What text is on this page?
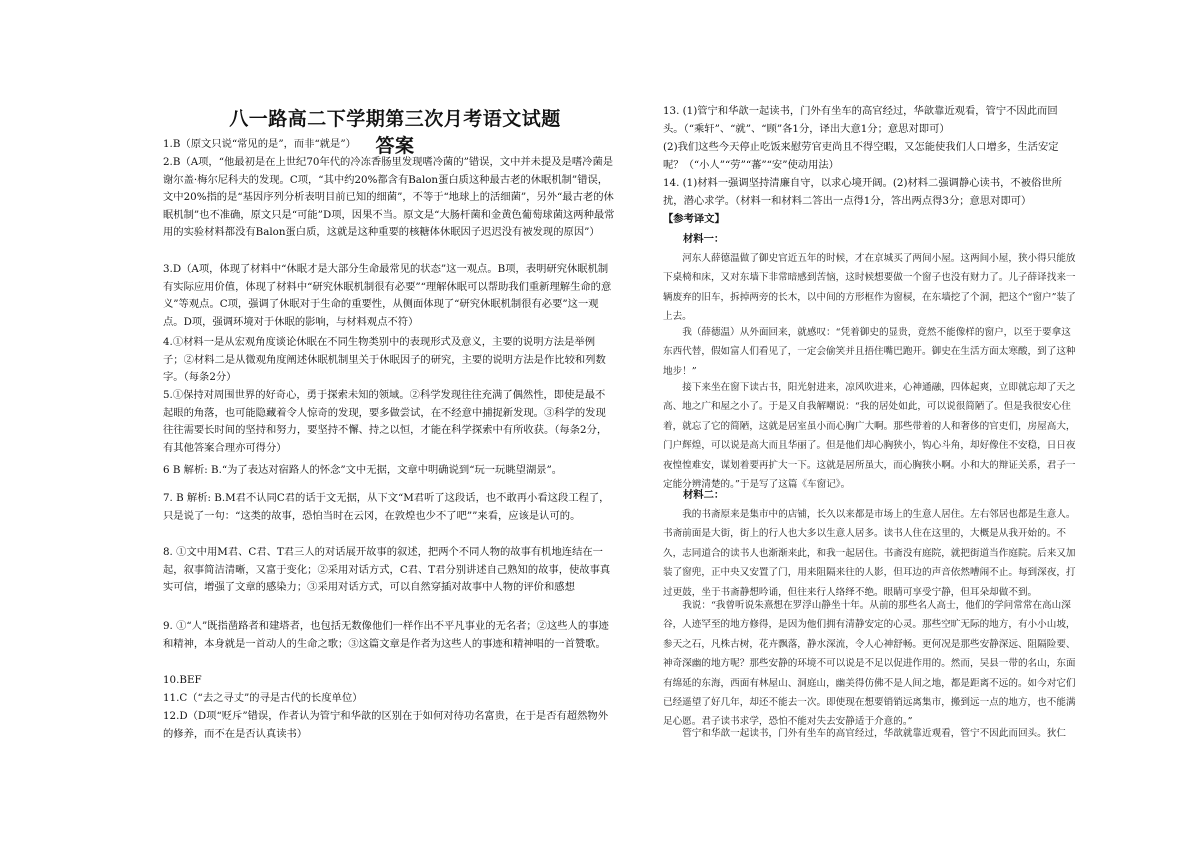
八一路高二下学期第三次月考语文试题答案
1.B（原文只说“常见的是”，而非“就是”）
2.B（A项，“他最初是在上世纪70年代的冷冻香肠里发现嗜冷菌的”错误，文中并未提及是嗜冷菌是谢尔盖·梅尔尼科夫的发现。C项，“其中约20%都含有Balon蛋白质这种最古老的休眠机制”错误，文中20%指的是“基因序列分析表明目前已知的细菌”，不等于“地球上的活细菌”，另外“最古老的休眠机制”也不准确，原文只是“可能”D项，因果不当。原文是“大肠杆菌和金黄色葡萄球菌这两种最常用的实验材料都没有Balon蛋白质，这就是这种重要的核糖体休眠因子迟迟没有被发现的原因”）
3.D（A项，体现了材料中“休眠才是大部分生命最常见的状态”这一观点。B项，表明研究休眠机制有实际应用价值，体现了材料中“研究休眠机制很有必要”“理解休眠可以帮助我们重新理解生命的意义”等观点。C项，强调了休眠对于生命的重要性，从侧面体现了“研究休眠机制很有必要”这一观点。D项，强调环境对于休眠的影响，与材料观点不符）
4.①材料一是从宏观角度谈论休眠在不同生物类别中的表现形式及意义，主要的说明方法是举例子；②材料二是从微观角度阐述休眠机制里关于休眠因子的研究，主要的说明方法是作比较和列数字。（每条2分）
5.①保持对周围世界的好奇心，勇于探索未知的领域。②科学发现往往充满了偶然性，即使是最不起眼的角落，也可能隐藏着令人惊奇的发现，要多做尝试，在不经意中捕捉新发现。③科学的发现往往需要长时间的坚持和努力，要坚持不懈、持之以恒，才能在科学探索中有所收获。（每条2分，有其他答案合理亦可得分）
6 B 解析: B.“为了表达对宿路人的怀念”文中无据，文章中明确说到“玩一玩眺望湖景”。
7. B 解析: B.M君不认同C君的话于文无据，从下文“M君听了这段话，也不敢再小看这段工程了，只是说了一句：“这类的故事，恐怕当时在云冈，在敦煌也少不了吧””来看，应该是认可的。
8. ①文中用M君、C君、T君三人的对话展开故事的叙述，把两个不同人物的故事有机地连结在一起，叙事简洁清晰，又富于变化；②采用对话方式，C君、T君分别讲述自己熟知的故事，使故事真实可信，增强了文章的感染力；③采用对话方式，可以自然穿插对故事中人物的评价和感想
9. ①“人”既指凿路者和建塔者，也包括无数像他们一样作出不平凡事业的无名者；②这些人的事迹和精神，本身就是一首动人的生命之歌；③这篇文章是作者为这些人的事迹和精神唱的一首赞歌。
10.BEF
11.C（“去之寻丈”的寻是古代的长度单位）
12.D（D项“贬斥”错误，作者认为管宁和华歆的区别在于如何对待功名富贵，在于是否有超然物外的修养，而不在是否认真读书）
13. (1)管宁和华歆一起读书，门外有坐车的高官经过，华歆靠近观看，管宁不因此而回头。（“乘轩”、“就”、“顾”各1分，译出大意1分；意思对即可）
(2)我们这些今天停止吃饭来慰劳官吏尚且不得空暇，又怎能使我们人口增多，生活安定呢？（“小人”“劳”“蕃”“安”使动用法）
14. (1)材料一强调坚持清廉自守，以求心境开阔。(2)材料二强调静心读书，不被俗世所扰，潜心求学。（材料一和材料二答出一点得1分，答出两点得3分；意思对即可）
【参考译文】
材料一：
河东人薛德温做了御史官近五年的时候，才在京城买了两间小屋。这两间小屋，狭小得只能放下桌椅和床，又对东墙下非常暗感到苦恼，这时候想要做一个窗子也没有财力了。儿子薛译找来一辆废弃的旧车，拆掉两旁的长木，以中间的方形框作为窗棂，在东墙挖了个洞，把这个“窗户”装了上去。
我（薛德温）从外面回来，就感叹：“凭着御史的显贵，竟然不能像样的窗户，以至于要拿这东西代替，假如富人们看见了，一定会偷笑并且捂住嘴巴跑开。御史在生活方面太寒酸，到了这种地步！”
接下来坐在窗下读古书，阳光射进来，凉风吹进来，心神通融，四体起爽，立即就忘却了天之高、地之广和屋之小了。于是又自我解嘲说：“我的居处如此，可以说很简陋了。但是我很安心住着，就忘了它的简陋，这就是居室虽小而心胸广大啊。那些带着的人和奢侈的官吏们，房屋高大，门户辉煌，可以说是高大而且华丽了。但是他们却心胸狭小，钩心斗角，却好像住不安稳，日日夜夜惶惶难安，谋划着要再扩大一下。这就是居所虽大，而心胸狭小啊。小和大的辩证关系，君子一定能分辨清楚的。”于是写了这篇《车窗记》。
材料二：
我的书斋原来是集市中的店铺，长久以来都是市场上的生意人居住。左右邻居也都是生意人。书斋前面是大街，街上的行人也大多以生意人居多。读书人住在这里的，大概是从我开始的。不久，志同道合的读书人也渐渐来此，和我一起居住。书斋没有庭院，就把街道当作庭院。后来又加装了窗兜，正中央又安置了门，用来阻隔来往的人影，但耳边的声音依然嘈闹不止。每到深夜，打过更鼓，坐于书斋静想吟诵，但往来行人络绎不绝。眼睛可享受宁静，但耳朵却做不到。
我说：“我曾听说朱熹想在罗浮山静坐十年。从前的那些名人高士，他们的学问常常在高山深谷，人迹罕至的地方修得，是因为他们拥有清静安定的心灵。那些空旷无际的地方，有小小山坡，参天之石，凡株古树，花卉飘落，静水深流，令人心神舒畅。更何况是那些安静深远、阻隔险要、神奇深幽的地方呢？那些安静的环境不可以说是不足以促进作用的。然而，吴县一带的名山，东面有绵延的东海，西面有林屋山、洞庭山，幽美得仿佛不是人间之地，都是距离不远的。如今对它们已经遥望了好几年，却还不能去一次。即使现在想要销销远离集市，搬到远一点的地方，也不能满足心愿。君子读书求学，恐怕不能对失去安静适于介意的。”
管宁和华歆一起读书，门外有坐车的高官经过，华歆就靠近观看，管宁不因此而回头。狄仁
